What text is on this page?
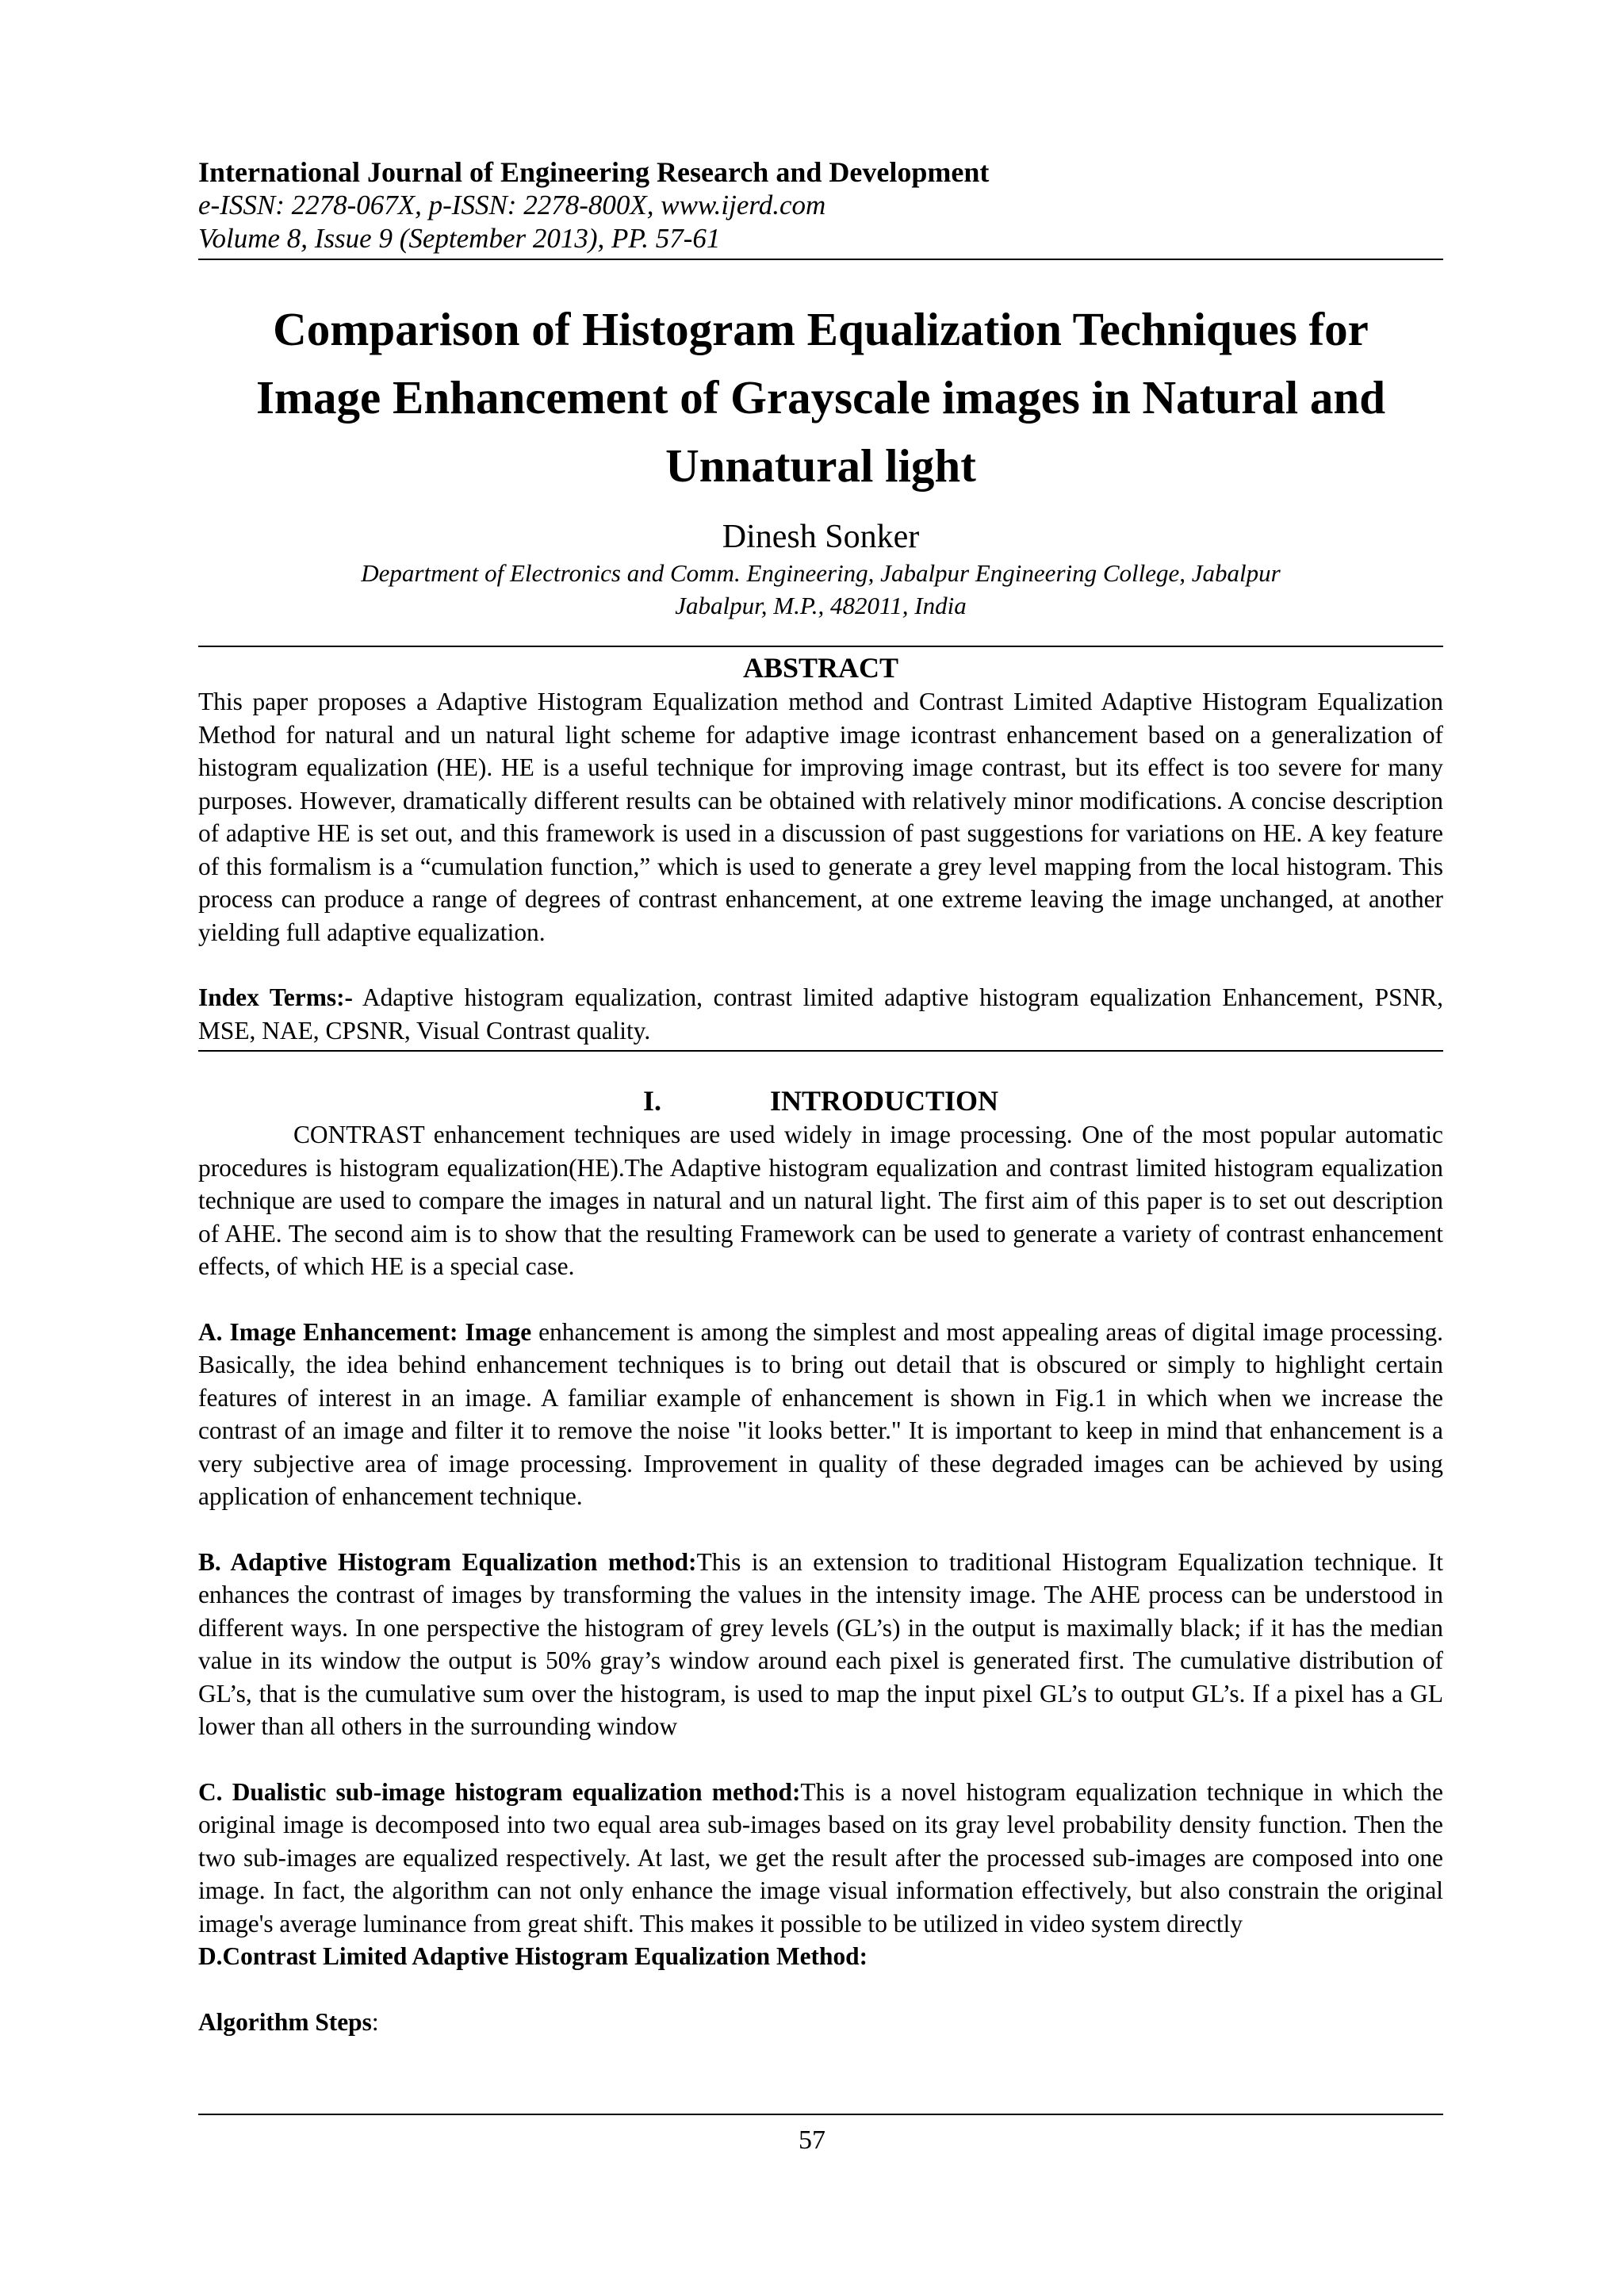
International Journal of Engineering Research and Development
e-ISSN: 2278-067X, p-ISSN: 2278-800X, www.ijerd.com
Volume 8, Issue 9 (September 2013), PP. 57-61
Comparison of Histogram Equalization Techniques for
Image Enhancement of Grayscale images in Natural and
Unnatural light
Dinesh Sonker
Department of Electronics and Comm. Engineering, Jabalpur Engineering College, Jabalpur
Jabalpur, M.P., 482011, India
ABSTRACT

This paper proposes a Adaptive Histogram Equalization method and Contrast Limited Adaptive Histogram Equalization Method for natural and un natural light scheme for adaptive image icontrast enhancement based on a generalization of histogram equalization (HE). HE is a useful technique for improving image contrast, but its effect is too severe for many purposes. However, dramatically different results can be obtained with relatively minor modifications. A concise description of adaptive HE is set out, and this framework is used in a discussion of past suggestions for variations on HE. A key feature of this formalism is a “cumulation function,” which is used to generate a grey level mapping from the local histogram. This process can produce a range of degrees of contrast enhancement, at one extreme leaving the image unchanged, at another yielding full adaptive equalization.

Index Terms:- Adaptive histogram equalization, contrast limited adaptive histogram equalization Enhancement, PSNR, MSE, NAE, CPSNR, Visual Contrast quality.

I.	INTRODUCTION

CONTRAST enhancement techniques are used widely in image processing. One of the most popular automatic procedures is histogram equalization(HE).The Adaptive histogram equalization and contrast limited histogram equalization technique are used to compare the images in natural and un natural light. The first aim of this paper is to set out description of AHE. The second aim is to show that the resulting Framework can be used to generate a variety of contrast enhancement effects, of which HE is a special case.

A. Image Enhancement: Image enhancement is among the simplest and most appealing areas of digital image processing. Basically, the idea behind enhancement techniques is to bring out detail that is obscured or simply to highlight certain features of interest in an image. A familiar example of enhancement is shown in Fig.1 in which when we increase the contrast of an image and filter it to remove the noise "it looks better." It is important to keep in mind that enhancement is a very subjective area of image processing. Improvement in quality of these degraded images can be achieved by using application of enhancement technique.

B. Adaptive Histogram Equalization method:This is an extension to traditional Histogram Equalization technique. It enhances the contrast of images by transforming the values in the intensity image. The AHE process can be understood in different ways. In one perspective the histogram of grey levels (GL’s) in the output is maximally black; if it has the median value in its window the output is 50% gray’s window around each pixel is generated first. The cumulative distribution of GL’s, that is the cumulative sum over the histogram, is used to map the input pixel GL’s to output GL’s. If a pixel has a GL lower than all others in the surrounding window

C. Dualistic sub-image histogram equalization method:This is a novel histogram equalization technique in which the original image is decomposed into two equal area sub-images based on its gray level probability density function. Then the two sub-images are equalized respectively. At last, we get the result after the processed sub-images are composed into one image. In fact, the algorithm can not only enhance the image visual information effectively, but also constrain the original image's average luminance from great shift. This makes it possible to be utilized in video system directly

D.Contrast Limited Adaptive Histogram Equalization Method:

Algorithm Steps:

57
